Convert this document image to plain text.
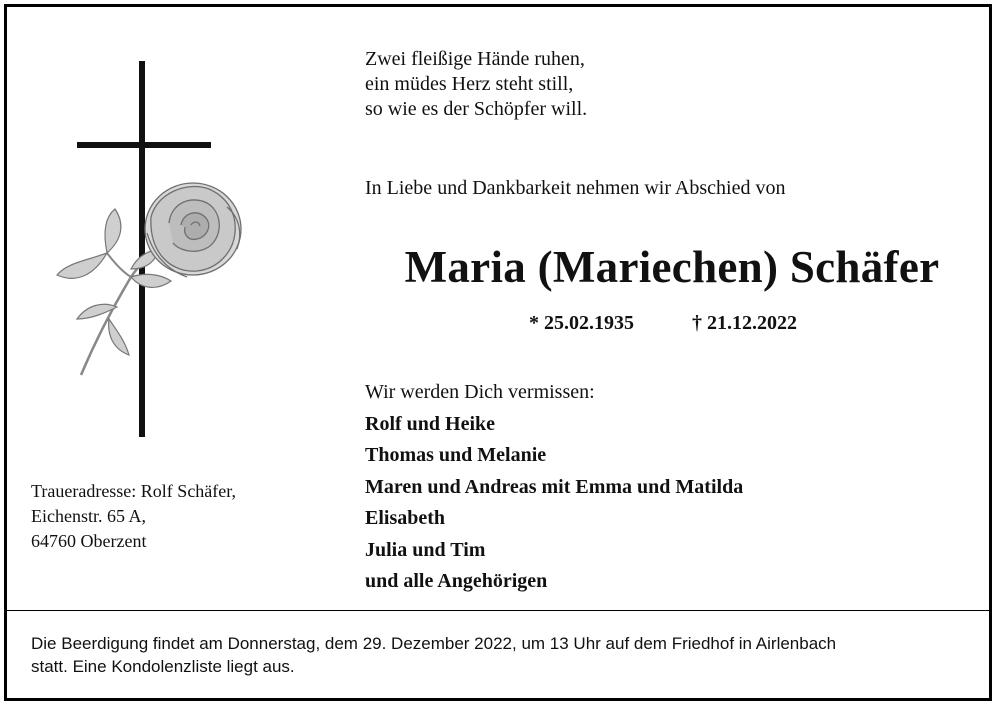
Zwei fleißige Hände ruhen,
ein müdes Herz steht still,
so wie es der Schöpfer will.
In Liebe und Dankbarkeit nehmen wir Abschied von
Maria (Mariechen) Schäfer
* 25.02.1935	† 21.12.2022
Wir werden Dich vermissen:
Rolf und Heike
Thomas und Melanie
Maren und Andreas mit Emma und Matilda
Elisabeth
Julia und Tim
und alle Angehörigen
Traueradresse: Rolf Schäfer,
Eichenstr. 65 A,
64760 Oberzent
Die Beerdigung findet am Donnerstag, dem 29. Dezember 2022, um 13 Uhr auf dem Friedhof in Airlenbach
statt. Eine Kondolenzliste liegt aus.
